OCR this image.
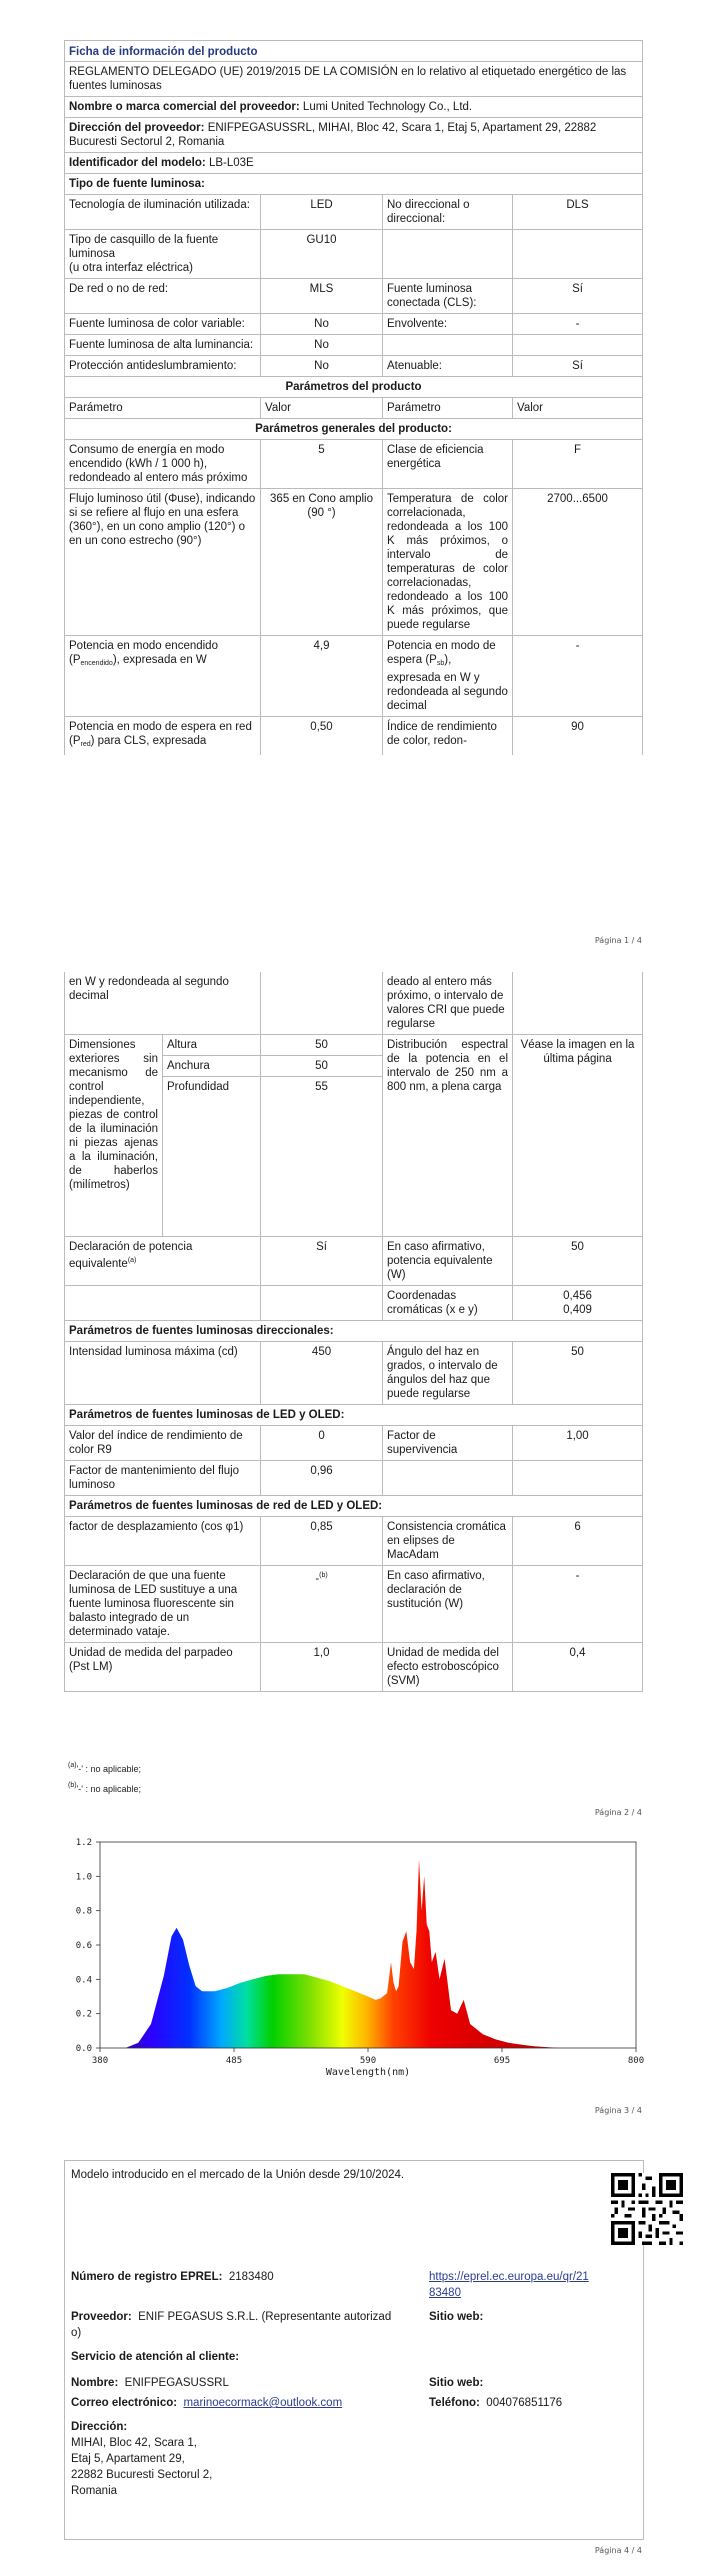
Ficha de información del producto			
REGLAMENTO DELEGADO (UE) 2019/2015 DE LA COMISIÓN en lo relativo al etiquetado energético de las fuentes luminosas			
Nombre o marca comercial del proveedor: Lumi United Technology Co., Ltd.			
Dirección del proveedor: ENIFPEGASUSSRL, MIHAI, Bloc 42, Scara 1, Etaj 5, Apartament 29, 22882 Bucuresti Sectorul 2, Romania			
Identificador del modelo: LB-L03E			
Tipo de fuente luminosa:			
Tecnología de iluminación utilizada:	LED	No direccional o direccional:	DLS

Tipo de casquillo de la fuente luminosa
(u otra interfaz eléctrica)	GU10		
De red o no de red:	MLS	Fuente luminosa conectada (CLS):	Sí
Fuente luminosa de color variable:	No	Envolvente:	-
Fuente luminosa de alta luminancia:	No		
Protección antideslumbramiento:	No	Atenuable:	Sí
Parámetros del producto			
Parámetro	Valor	Parámetro	Valor
Parámetros generales del producto:			
Consumo de energía en modo encendido (kWh / 1 000 h), redondeado al entero más próximo	5	Clase de eficiencia energética	F
Flujo luminoso útil (Φuse), indicando si se refiere al flujo en una esfera (360°), en un cono amplio (120°) o en un cono estrecho (90°)	365 en Cono amplio (90 °)	Temperatura de color correlacionada, redondeada a los 100 K más próximos, o intervalo de temperaturas de color correlacionadas, redondeado a los 100 K más próximos, que puede regularse	2700...6500
Potencia en modo encendido $(P_{encendido})$, expresada en W	4,9	Potencia en modo de espera $(P_{sb})$, expresada en W y redondeada al segundo decimal	-
Potencia en modo de espera en red $(P_{red})$ para CLS, expresada	0,50	Índice de rendimiento de color, redon-	90
Página 1 / 4
en W y redondeada al segundo decimal			deado al entero más próximo, o intervalo de valores CRI que puede regularse	
Dimensiones exteriores sin mecanismo de control independiente, piezas de control de la iluminación ni piezas ajenas a la iluminación, de haberlos (milímetros)	Altura	50	Distribución espectral de la potencia en el intervalo de 250 nm a 800 nm, a plena carga	Véase la imagen en la última página
	Anchura	50		
	Profundidad	55		
Declaración de potencia equivalente$^{(a)}$		Sí	En caso afirmativo, potencia equivalente (W)	50
			Coordenadas cromáticas (x e y)	0,456
0,409

Parámetros de fuentes luminosas direccionales:				
Intensidad luminosa máxima (cd)		450	Ángulo del haz en grados, o intervalo de ángulos del haz que puede regularse	50
Parámetros de fuentes luminosas de LED y OLED:				
Valor del índice de rendimiento de color R9		0	Factor de supervivencia	1,00
Factor de mantenimiento del flujo luminoso		0,96		
Parámetros de fuentes luminosas de red de LED y OLED:				
factor de desplazamiento (cos φ1)		0,85	Consistencia cromática en elipses de MacAdam	6
Declaración de que una fuente luminosa de LED sustituye a una fuente luminosa fluorescente sin balasto integrado de un determinado vataje.		-$^{(b)}$	En caso afirmativo, declaración de sustitución (W)	-
Unidad de medida del parpadeo (Pst LM)		1,0	Unidad de medida del efecto estroboscópico (SVM)	0,4
$^{(a)}$'-' : no aplicable;
$^{(b)}$'-' : no aplicable;
Página 2 / 4
0.0
0.2
0.4
0.6
0.8
1.0
1.2
380	485	590	695	800
Wavelength(nm)
Página 3 / 4
Modelo introducido en el mercado de la Unión desde 29/10/2024.
Número de registro EPREL: 2183480	https://eprel.ec.europa.eu/qr/21
83480
Proveedor: ENIF PEGASUS S.R.L. (Representante autorizad
o)
Sitio web:
Servicio de atención al cliente:
Nombre: ENIFPEGASUSSRL	Sitio web:
Correo electrónico: marinoecormack@outlook.com	Teléfono: 004076851176
Dirección:
MIHAI, Bloc 42, Scara 1,
Etaj 5, Apartament 29,
22882 Bucuresti Sectorul 2,
Romania
Página 4 / 4
